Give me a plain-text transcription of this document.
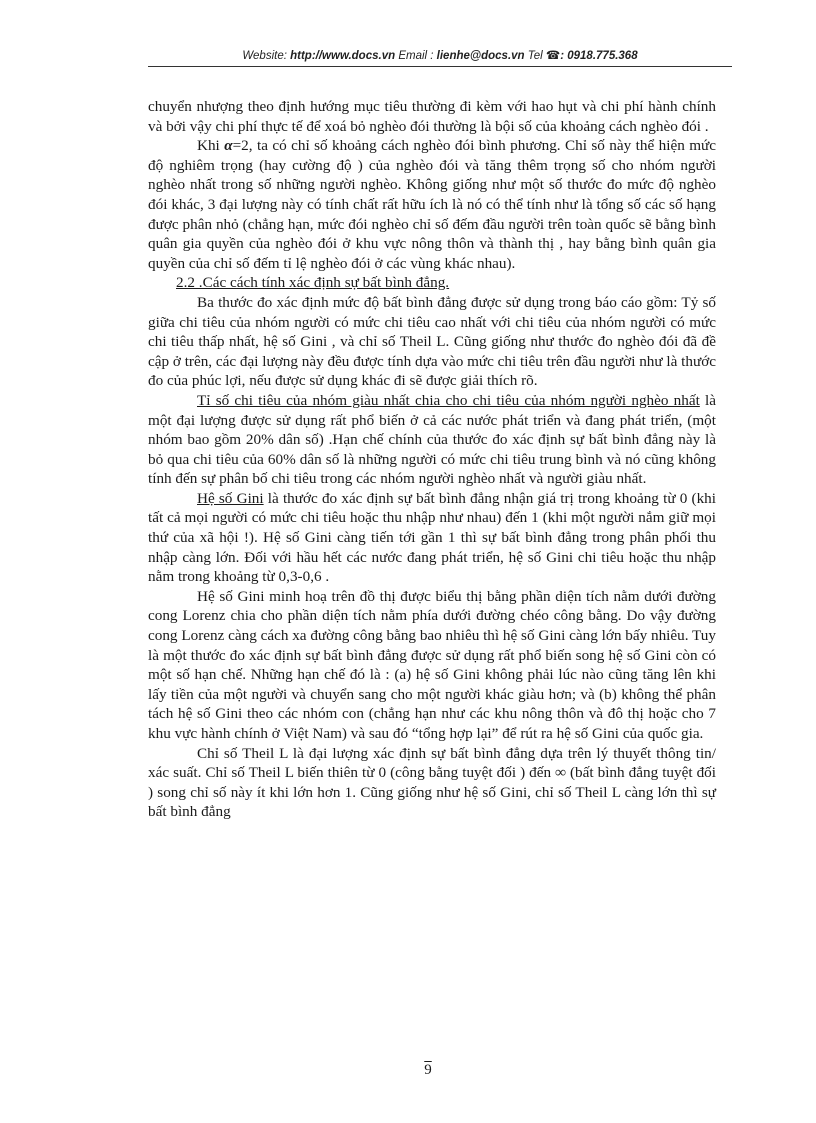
Website: http://www.docs.vn Email : lienhe@docs.vn Tel ☎: 0918.775.368

chuyển nhượng theo định hướng mục tiêu thường đi kèm với hao hụt và chi phí hành chính và bởi vậy chi phí thực tế để xoá bỏ nghèo đói thường là bội số của khoảng cách nghèo đói .

Khi α=2, ta có chỉ số khoảng cách nghèo đói bình phương. Chỉ số này thể hiện mức độ nghiêm trọng (hay cường độ ) của nghèo đói và tăng thêm trọng số cho nhóm người nghèo nhất trong số những người nghèo. Không giống như một số thước đo mức độ nghèo đói khác, 3 đại lượng này có tính chất rất hữu ích là nó có thể tính như là tổng số các số hạng được phân nhỏ (chẳng hạn, mức đói nghèo chỉ số đếm đầu người trên toàn quốc sẽ bằng bình quân gia quyền của nghèo đói ở khu vực nông thôn và thành thị , hay bằng bình quân gia quyền của chỉ số đếm tỉ lệ nghèo đói ở các vùng khác nhau).

2.2 .Các cách tính xác định sự bất bình đẳng.

Ba thước đo xác định mức độ bất bình đẳng được sử dụng trong báo cáo gồm: Tỷ số giữa chi tiêu của nhóm người có mức chi tiêu cao nhất với chi tiêu của nhóm người có mức chi tiêu thấp nhất, hệ số Gini , và chỉ số Theil L. Cũng giống như thước đo nghèo đói đã đề cập ở trên, các đại lượng này đều được tính dựa vào mức chi tiêu trên đầu người như là thước đo của phúc lợi, nếu được sử dụng khác đi sẽ được giải thích rõ.

Tỉ số chi tiêu của nhóm giàu nhất chia cho chi tiêu của nhóm người nghèo nhất là một đại lượng được sử dụng rất phổ biến ở cả các nước phát triển và đang phát triển, (một nhóm bao gồm 20% dân số) .Hạn chế chính của thước đo xác định sự bất bình đẳng này là bỏ qua chi tiêu của 60% dân số là những người có mức chi tiêu trung bình và nó cũng không tính đến sự phân bố chi tiêu trong các nhóm người nghèo nhất và người giàu nhất.

Hệ số Gini là thước đo xác định sự bất bình đẳng nhận giá trị trong khoảng từ 0 (khi tất cả mọi người có mức chi tiêu hoặc thu nhập như nhau) đến 1 (khi một người nắm giữ mọi thứ của xã hội !). Hệ số Gini càng tiến tới gần 1 thì sự bất bình đẳng trong phân phối thu nhập càng lớn. Đối với hầu hết các nước đang phát triển, hệ số Gini chi tiêu hoặc thu nhập nằm trong khoảng từ 0,3-0,6 .

Hệ số Gini minh hoạ trên đồ thị được biểu thị bằng phần diện tích nằm dưới đường cong Lorenz chia cho phần diện tích nằm phía dưới đường chéo công bằng. Do vậy đường cong Lorenz càng cách xa đường công bằng bao nhiêu thì hệ số Gini càng lớn bấy nhiêu. Tuy là một thước đo xác định sự bất bình đẳng được sử dụng rất phổ biến song hệ số Gini còn có một số hạn chế. Những hạn chế đó là : (a) hệ số Gini không phải lúc nào cũng tăng lên khi lấy tiền của một người và chuyển sang cho một người khác giàu hơn; và (b) không thể phân tách hệ số Gini theo các nhóm con (chẳng hạn như các khu nông thôn và đô thị hoặc cho 7 khu vực hành chính ở Việt Nam) và sau đó “tổng hợp lại” để rút ra hệ số Gini của quốc gia.

Chỉ số Theil L là đại lượng xác định sự bất bình đẳng dựa trên lý thuyết thông tin/ xác suất. Chỉ số Theil L biến thiên từ 0 (công bằng tuyệt đối ) đến ∞ (bất bình đẳng tuyệt đối ) song chỉ số này ít khi lớn hơn 1. Cũng giống như hệ số Gini, chỉ số Theil L càng lớn thì sự bất bình đẳng

9
